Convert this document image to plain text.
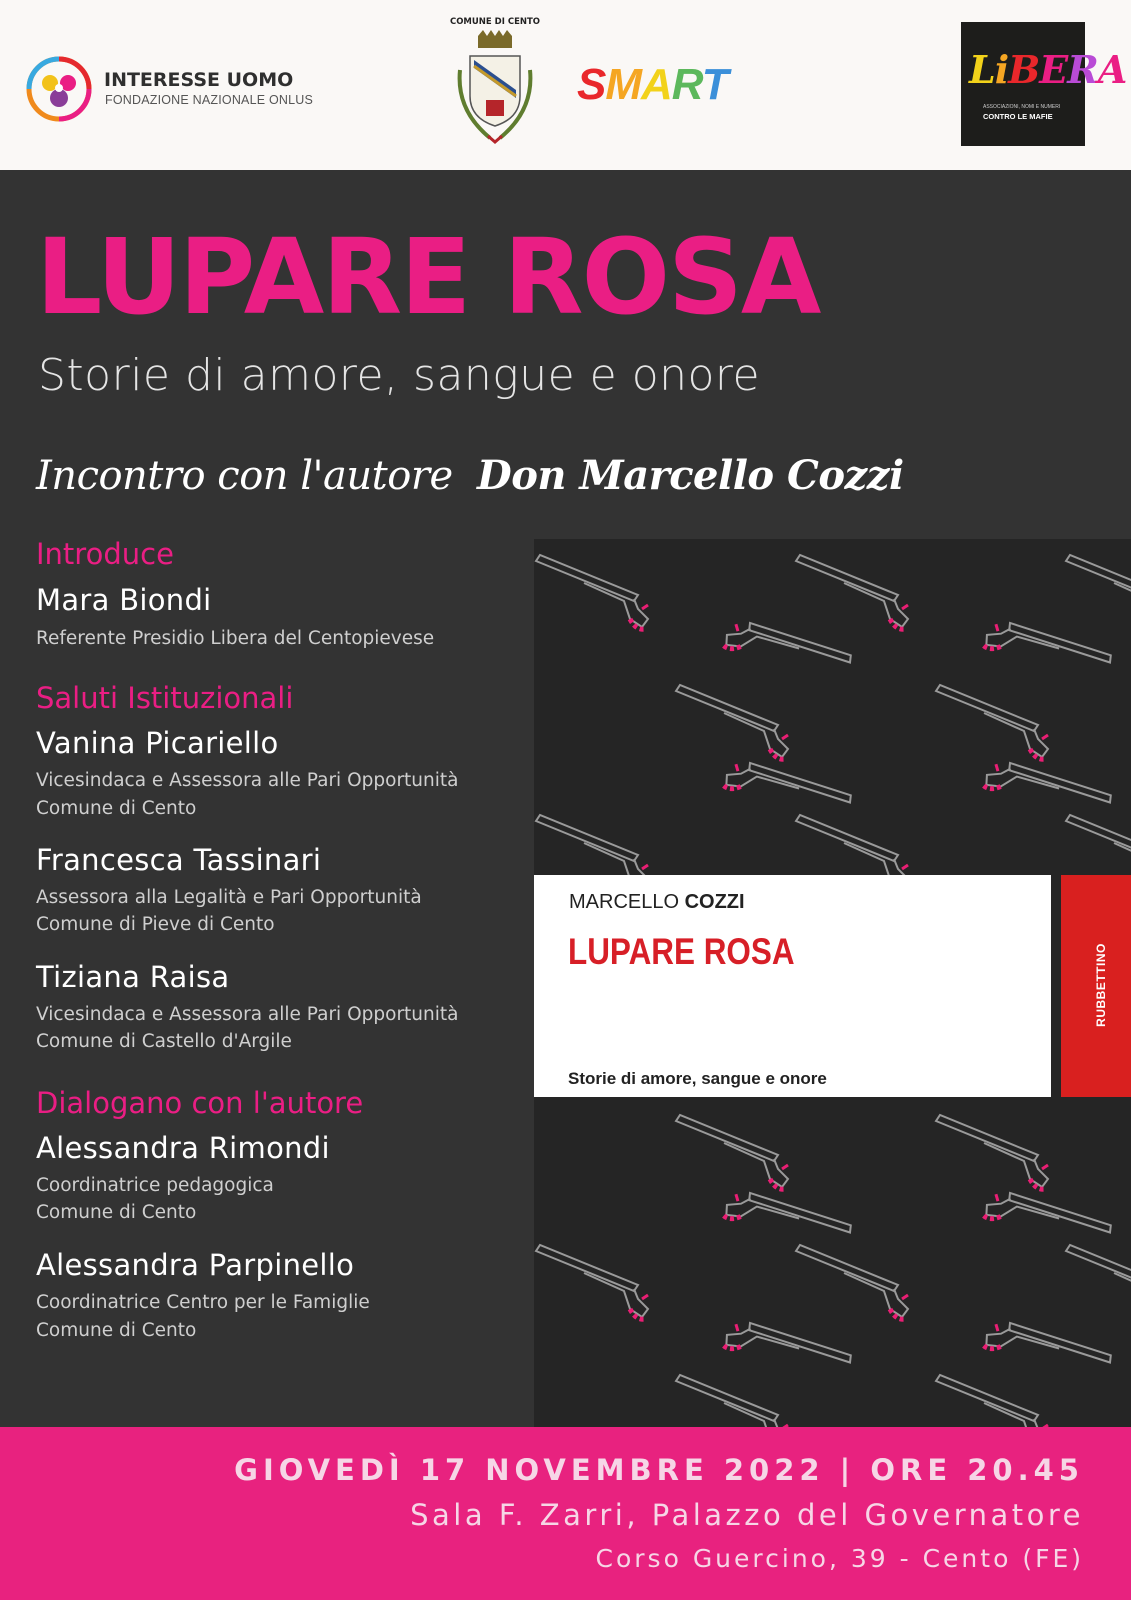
INTERESSE UOMO
FONDAZIONE NAZIONALE ONLUS
COMUNE DI CENTO
SMART	LiBERA
ASSOCIAZIONI, NOMI E NUMERI
CONTRO LE MAFIE
LUPARE ROSA
Storie di amore, sangue e onore
Incontro con l'autore Don Marcello Cozzi
Introduce
Mara Biondi
Referente Presidio Libera del Centopievese
Saluti Istituzionali
Vanina Picariello
Vicesindaca e Assessora alle Pari Opportunità
Comune di Cento
Francesca Tassinari
Assessora alla Legalità e Pari Opportunità
Comune di Pieve di Cento
Tiziana Raisa
Vicesindaca e Assessora alle Pari Opportunità
Comune di Castello d'Argile
Dialogano con l'autore
Alessandra Rimondi
Coordinatrice pedagogica
Comune di Cento
Alessandra Parpinello
Coordinatrice Centro per le Famiglie
Comune di Cento
RUBBETTINO
MARCELLO COZZI
LUPARE ROSA
Storie di amore, sangue e onore
GIOVEDÌ 17 NOVEMBRE 2022 | ORE 20.45
Sala F. Zarri, Palazzo del Governatore
Corso Guercino, 39 - Cento (FE)
